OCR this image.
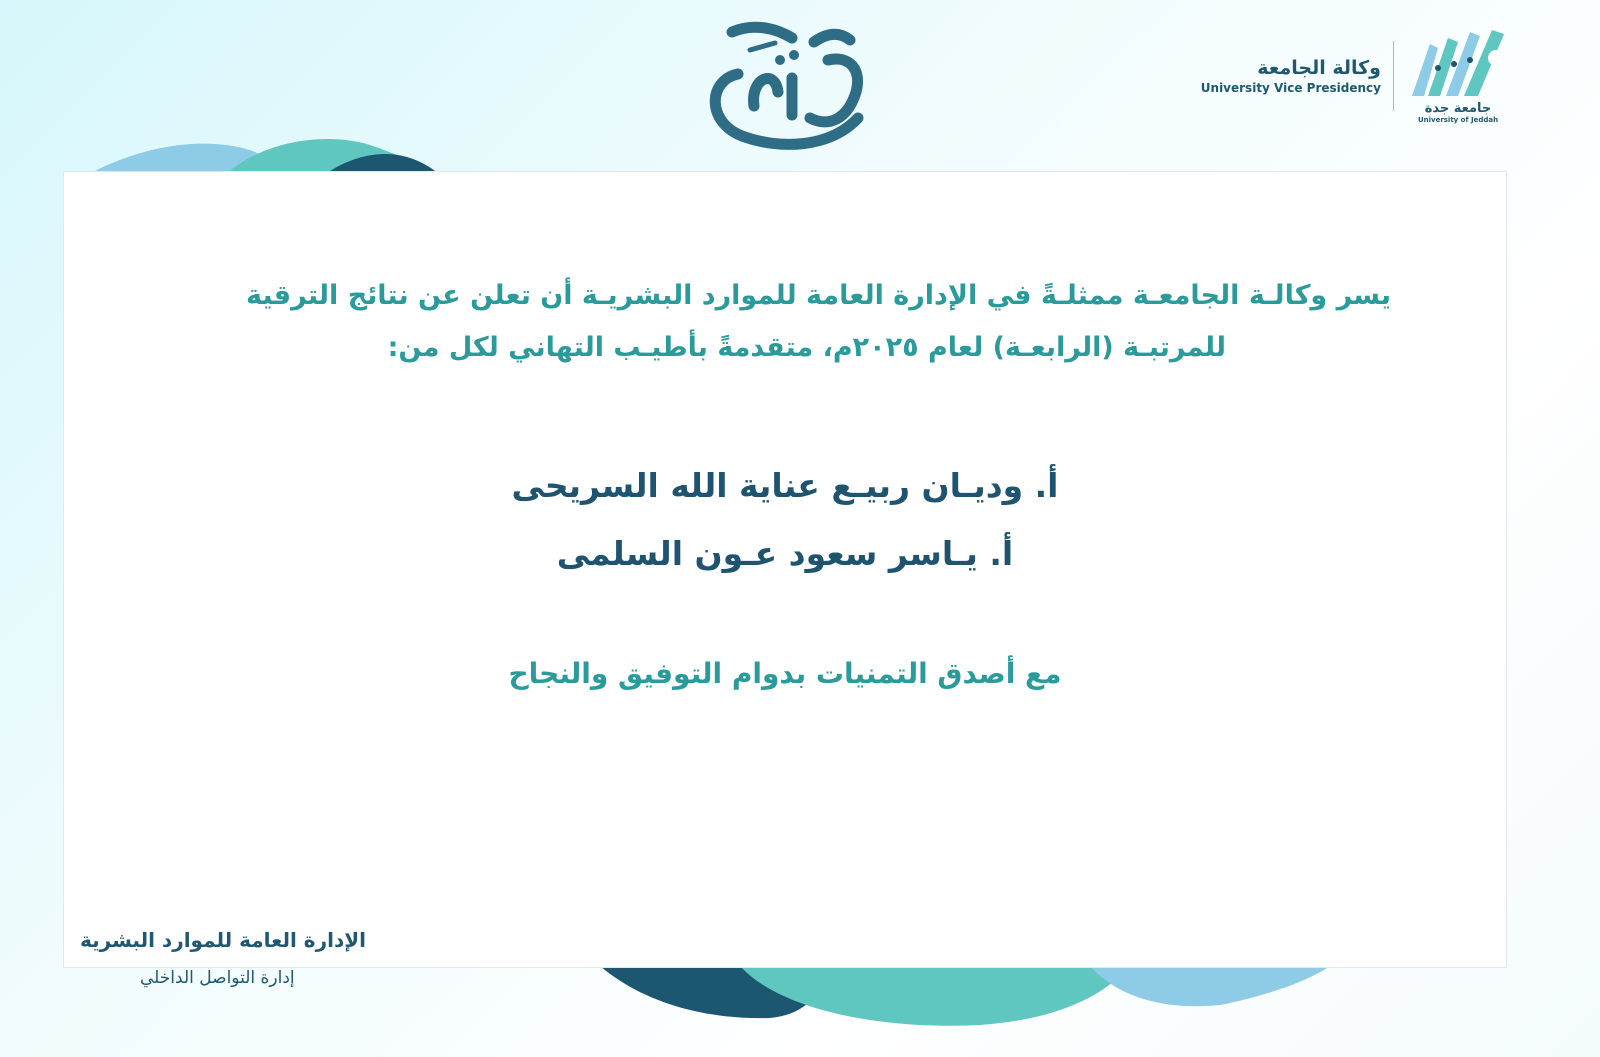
وكالة الجامعة
University Vice Presidency
جامعة جدة
University of Jeddah

يسر وكالـة الجامعـة ممثلـةً في الإدارة العامة للموارد البشريـة أن تعلن عن نتائج الترقية

للمرتبـة (الرابعـة) لعام ٢٠٢٥م، متقدمةً بأطيـب التهاني لكل من:

أ. وديـان ربيـع عناية الله السريحى
أ. يـاسر سعود عـون السلمى
مع أصدق التمنيات بدوام التوفيق والنجاح
الإدارة العامة للموارد البشرية
إدارة التواصل الداخلي
